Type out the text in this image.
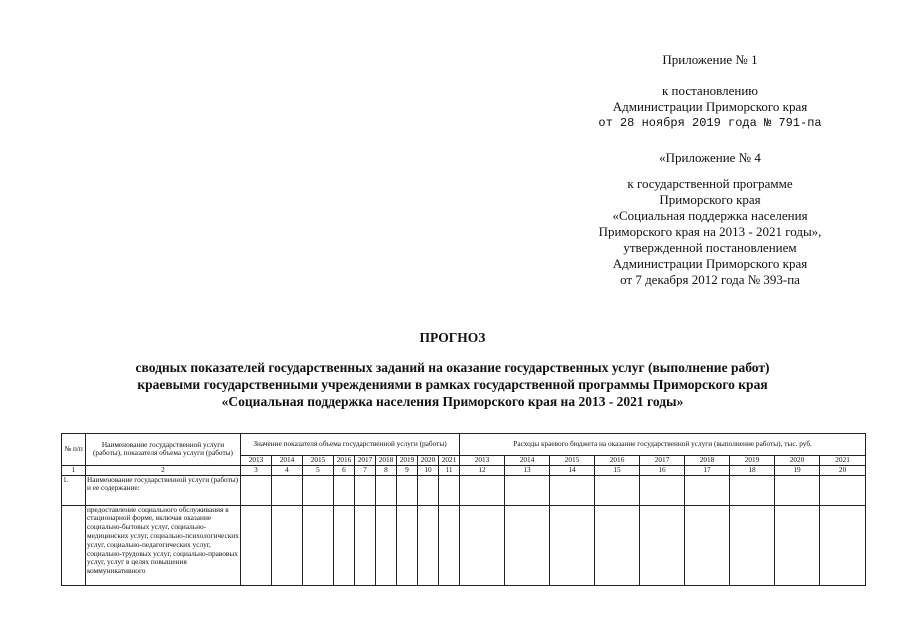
Приложение № 1
к постановлению
Администрации Приморского края
от 28 ноября 2019 года № 791-па
«Приложение № 4
к государственной программе
Приморского края
«Социальная поддержка населения
Приморского края на 2013 - 2021 годы»,
утвержденной постановлением
Администрации Приморского края
от 7 декабря 2012 года № 393-па
ПРОГНОЗ
сводных показателей государственных заданий на оказание государственных услуг (выполнение работ)
краевыми государственными учреждениями в рамках государственной программы Приморского края
«Социальная поддержка населения Приморского края на 2013 - 2021 годы»
№ п/п	Наименование государственной услуги (работы), показателя объема услуги (работы)	Значение показателя объема государственной услуги (работы)									Расходы краевого бюджета на оказание государственной услуги (выполнение работы), тыс. руб.								
		2013	2014	2015	2016	2017	2018	2019	2020	2021	2013	2014	2015	2016	2017	2018	2019	2020	2021
1	2	3	4	5	6	7	8	9	10	11	12	13	14	15	16	17	18	19	20
1.	Наименование государственной услуги (работы) и ее содержание:																		
	предоставление социального обслуживания в стационарной форме, включая оказание социально-бытовых услуг, социально-медицинских услуг, социально-психологических услуг, социально-педагогических услуг, социально-трудовых услуг, социально-правовых услуг, услуг в целях повышения коммуникативного																		
